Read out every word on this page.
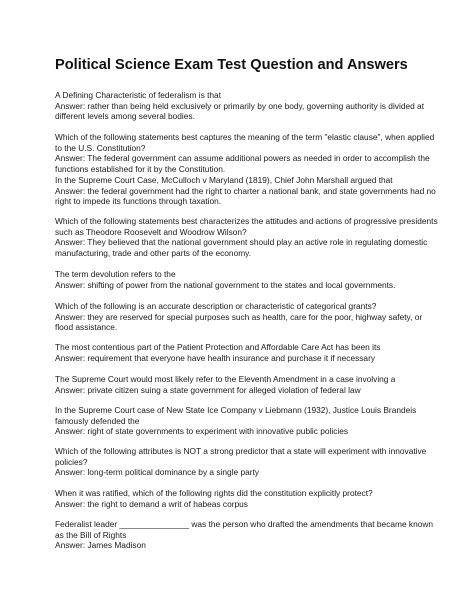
Political Science Exam Test Question and Answers
A Defining Characteristic of federalism is that
Answer: rather than being held exclusively or primarily by one body, governing authority is divided at different levels among several bodies.
Which of the following statements best captures the meaning of the term "elastic clause", when applied to the U.S. Constitution?
Answer: The federal government can assume additional powers as needed in order to accomplish the functions established for it by the Constitution.
In the Supreme Court Case, McCulloch v Maryland (1819), Chief John Marshall argued that
Answer: the federal government had the right to charter a national bank, and state governments had no right to impede its functions through taxation.
Which of the following statements best characterizes the attitudes and actions of progressive presidents such as Theodore Roosevelt and Woodrow Wilson?
Answer: They believed that the national government should play an active role in regulating domestic manufacturing, trade and other parts of the economy.
The term devolution refers to the
Answer: shifting of power from the national government to the states and local governments.
Which of the following is an accurate description or characteristic of categorical grants?
Answer: they are reserved for special purposes such as health, care for the poor, highway safety, or flood assistance.
The most contentious part of the Patient Protection and Affordable Care Act has been its
Answer: requirement that everyone have health insurance and purchase it if necessary
The Supreme Court would most likely refer to the Eleventh Amendment in a case involving a
Answer: private citizen suing a state government for alleged violation of federal law
In the Supreme Court case of New State Ice Company v Liebmann (1932), Justice Louis Brandeis famously defended the
Answer: right of state governments to experiment with innovative public policies
Which of the following attributes is NOT a strong predictor that a state will experiment with innovative policies?
Answer: long-term political dominance by a single party
When it was ratified, which of the following rights did the constitution explicitly protect?
Answer: the right to demand a writ of habeas corpus
Federalist leader _______________ was the person who drafted the amendments that became known as the Bill of Rights
Answer: James Madison
